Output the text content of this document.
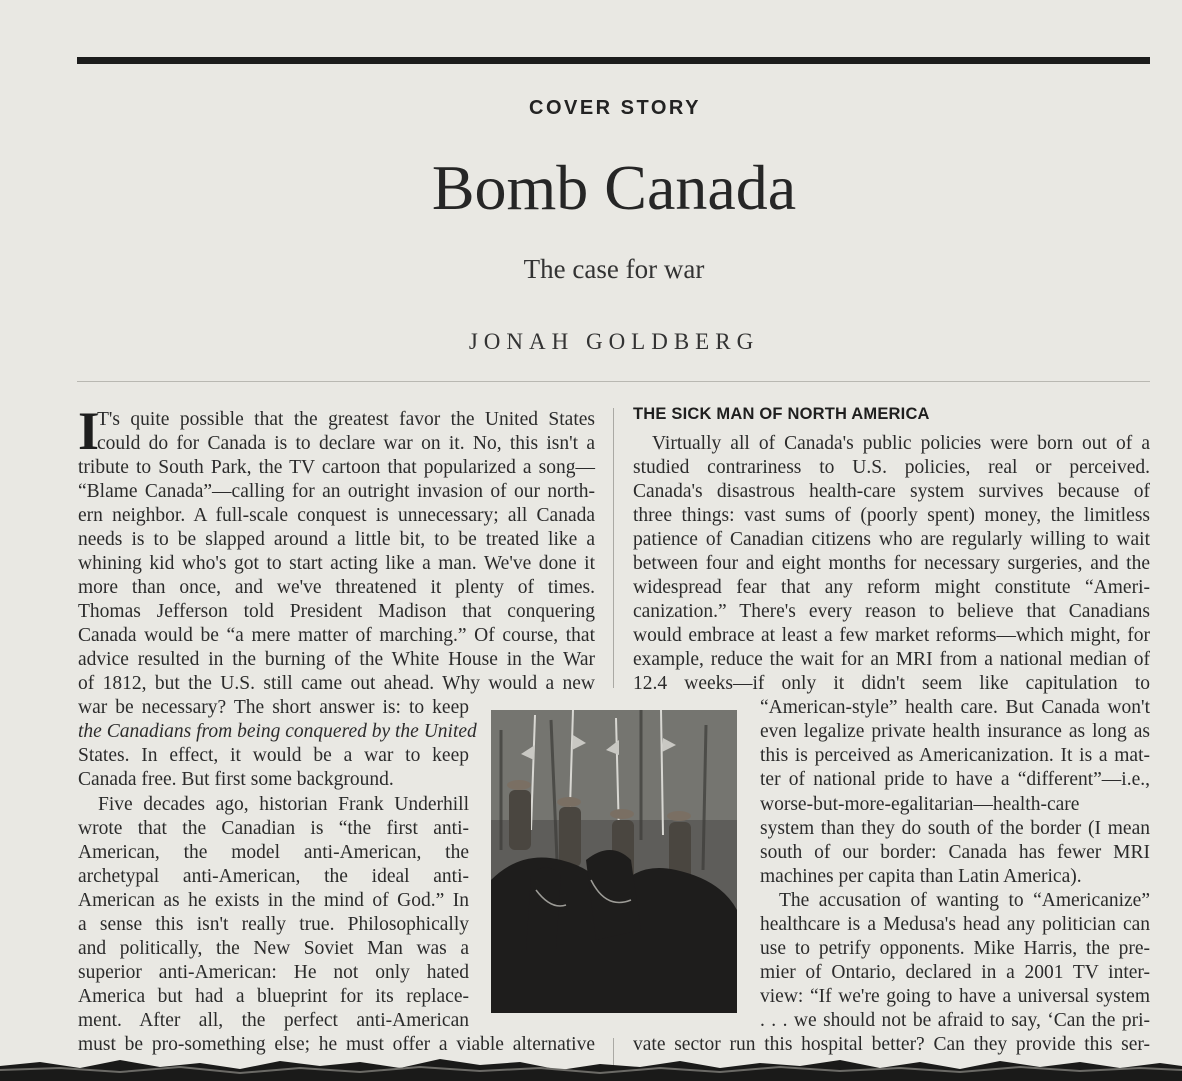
COVER STORY
Bomb Canada
The case for war
JONAH GOLDBERG
I

T's quite possible that the greatest favor the United States

could do for Canada is to declare war on it. No, this isn't a

tribute to South Park, the TV cartoon that popularized a song—

“Blame Canada”—calling for an outright invasion of our north-

ern neighbor. A full-scale conquest is unnecessary; all Canada

needs is to be slapped around a little bit, to be treated like a

whining kid who's got to start acting like a man. We've done it

more than once, and we've threatened it plenty of times.

Thomas Jefferson told President Madison that conquering

Canada would be “a mere matter of marching.” Of course, that

advice resulted in the burning of the White House in the War

of 1812, but the U.S. still came out ahead. Why would a new

war be necessary? The short answer is: to keep

the Canadians from being conquered by the United

States. In effect, it would be a war to keep

Canada free. But first some background.

Five decades ago, historian Frank Underhill

wrote that the Canadian is “the first anti-

American, the model anti-American, the

archetypal anti-American, the ideal anti-

American as he exists in the mind of God.” In

a sense this isn't really true. Philosophically

and politically, the New Soviet Man was a

superior anti-American: He not only hated

America but had a blueprint for its replace-

ment. After all, the perfect anti-American

must be pro-something else; he must offer a viable alternative

THE SICK MAN OF NORTH AMERICA

Virtually all of Canada's public policies were born out of a

studied contrariness to U.S. policies, real or perceived.

Canada's disastrous health-care system survives because of

three things: vast sums of (poorly spent) money, the limitless

patience of Canadian citizens who are regularly willing to wait

between four and eight months for necessary surgeries, and the

widespread fear that any reform might constitute “Ameri-

canization.” There's every reason to believe that Canadians

would embrace at least a few market reforms—which might, for

example, reduce the wait for an MRI from a national median of

12.4 weeks—if only it didn't seem like capitulation to

“American-style” health care. But Canada won't

even legalize private health insurance as long as

this is perceived as Americanization. It is a mat-

ter of national pride to have a “different”—i.e.,

worse-but-more-egalitarian—health-care

system than they do south of the border (I mean

south of our border: Canada has fewer MRI

machines per capita than Latin America).

The accusation of wanting to “Americanize”

healthcare is a Medusa's head any politician can

use to petrify opponents. Mike Harris, the pre-

mier of Ontario, declared in a 2001 TV inter-

view: “If we're going to have a universal system

. . . we should not be afraid to say, ‘Can the pri-

vate sector run this hospital better? Can they provide this ser-
